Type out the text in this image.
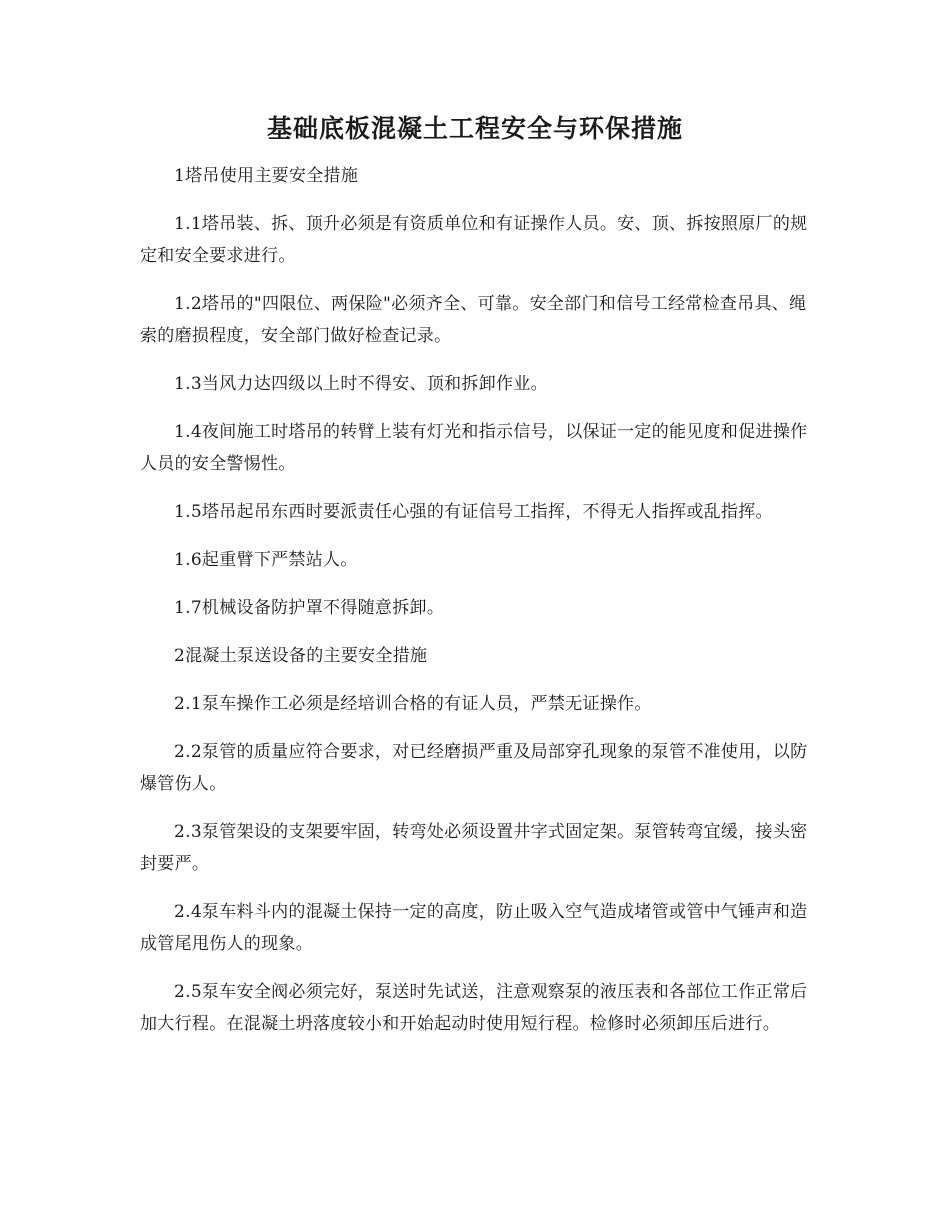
基础底板混凝土工程安全与环保措施

1塔吊使用主要安全措施

1.1塔吊装、拆、顶升必须是有资质单位和有证操作人员。安、顶、拆按照原厂的规定和安全要求进行。

1.2塔吊的"四限位、两保险"必须齐全、可靠。安全部门和信号工经常检查吊具、绳索的磨损程度，安全部门做好检查记录。

1.3当风力达四级以上时不得安、顶和拆卸作业。

1.4夜间施工时塔吊的转臂上装有灯光和指示信号，以保证一定的能见度和促进操作人员的安全警惕性。

1.5塔吊起吊东西时要派责任心强的有证信号工指挥，不得无人指挥或乱指挥。

1.6起重臂下严禁站人。

1.7机械设备防护罩不得随意拆卸。

2混凝土泵送设备的主要安全措施

2.1泵车操作工必须是经培训合格的有证人员，严禁无证操作。

2.2泵管的质量应符合要求，对已经磨损严重及局部穿孔现象的泵管不准使用，以防爆管伤人。

2.3泵管架设的支架要牢固，转弯处必须设置井字式固定架。泵管转弯宜缓，接头密封要严。

2.4泵车料斗内的混凝土保持一定的高度，防止吸入空气造成堵管或管中气锤声和造成管尾甩伤人的现象。

2.5泵车安全阀必须完好，泵送时先试送，注意观察泵的液压表和各部位工作正常后加大行程。在混凝土坍落度较小和开始起动时使用短行程。检修时必须卸压后进行。
